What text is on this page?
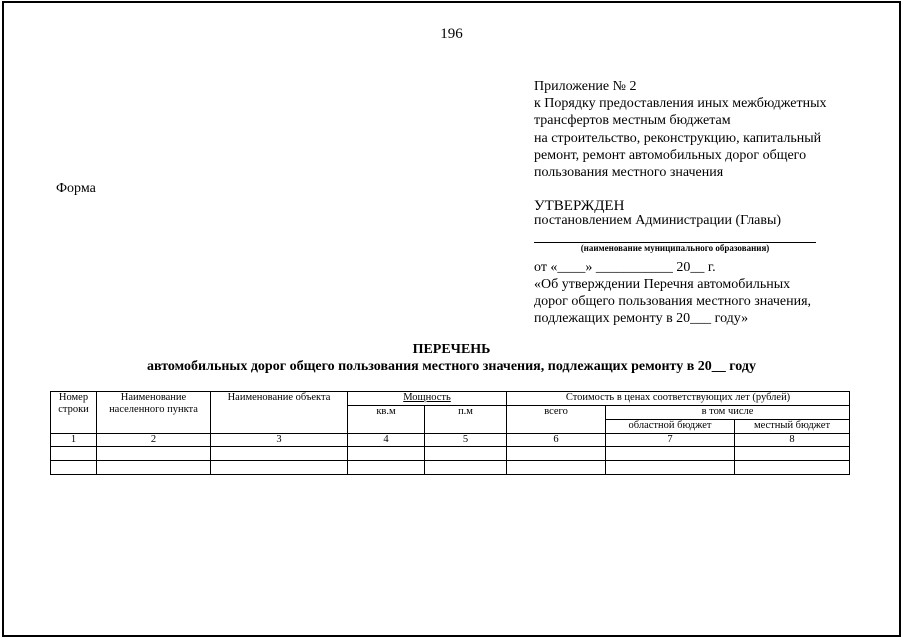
196
Приложение № 2
к Порядку предоставления иных межбюджетных
трансфертов местным бюджетам
на строительство, реконструкцию, капитальный
ремонт, ремонт автомобильных дорог общего
пользования местного значения
Форма
УТВЕРЖДЕН
постановлением Администрации (Главы)
(наименование муниципального образования)
от «____» ___________ 20__ г.
«Об утверждении Перечня автомобильных
дорог общего пользования местного значения,
подлежащих ремонту в 20___ году»
ПЕРЕЧЕНЬ
автомобильных дорог общего пользования местного значения, подлежащих ремонту в 20__ году
Номер строки	Наименование населенного пункта	Наименование объекта	Мощность		Стоимость в ценах соответствующих лет (рублей)		
			кв.м	п.м	всего	в том числе	
						областной бюджет	местный бюджет
1	2	3	4	5	6	7	8
